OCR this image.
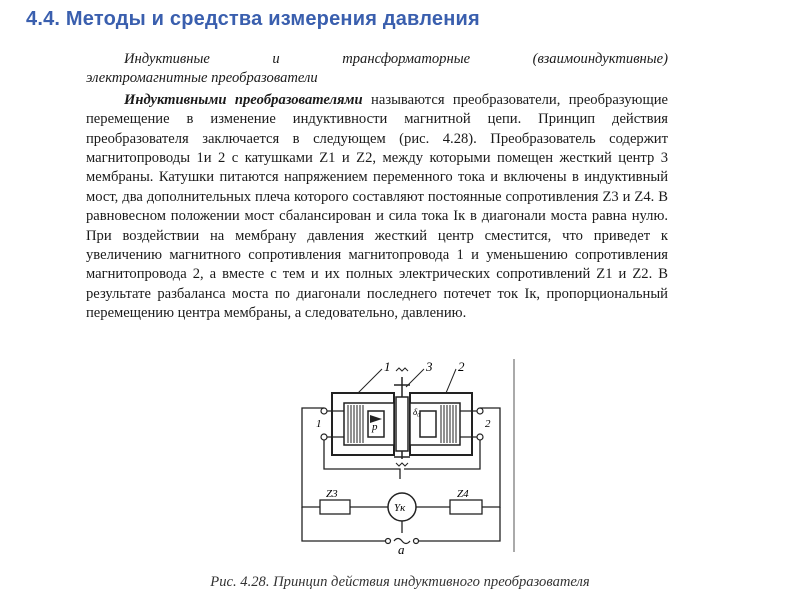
4.4. Методы и средства измерения давления

Индуктивные и трансформаторные (взаимоиндуктивные)

электромагнитные преобразователи

Индуктивными преобразователями называются преобразователи, преобразующие перемещение в изменение индуктивности магнитной цепи. Принцип действия преобразователя заключается в следующем (рис. 4.28). Преобразователь содержит магнитопроводы 1и 2 с катушками Z1 и Z2, между которыми помещен жесткий центр 3 мембраны. Катушки питаются напряжением переменного тока и включены в индуктивный мост, два дополнительных плеча которого составляют постоянные сопротивления Z3 и Z4. В равновесном положении мост сбалансирован и сила тока Iк в диагонали моста равна нулю. При воздействии на мембрану давления жесткий центр сместится, что приведет к увеличению магнитного сопротивления магнитопровода 1 и уменьшению сопротивления магнитопровода 2, а вместе с тем и их полных электрических сопротивлений Z1 и Z2. В результате разбаланса моста по диагонали последнего потечет ток Iк, пропорциональный перемещению центра мембраны, а следовательно, давлению.

1	3 2
p
δ₀
1	2
Z3	Z4
Yк
а
Рис. 4.28. Принцип действия индуктивного преобразователя
